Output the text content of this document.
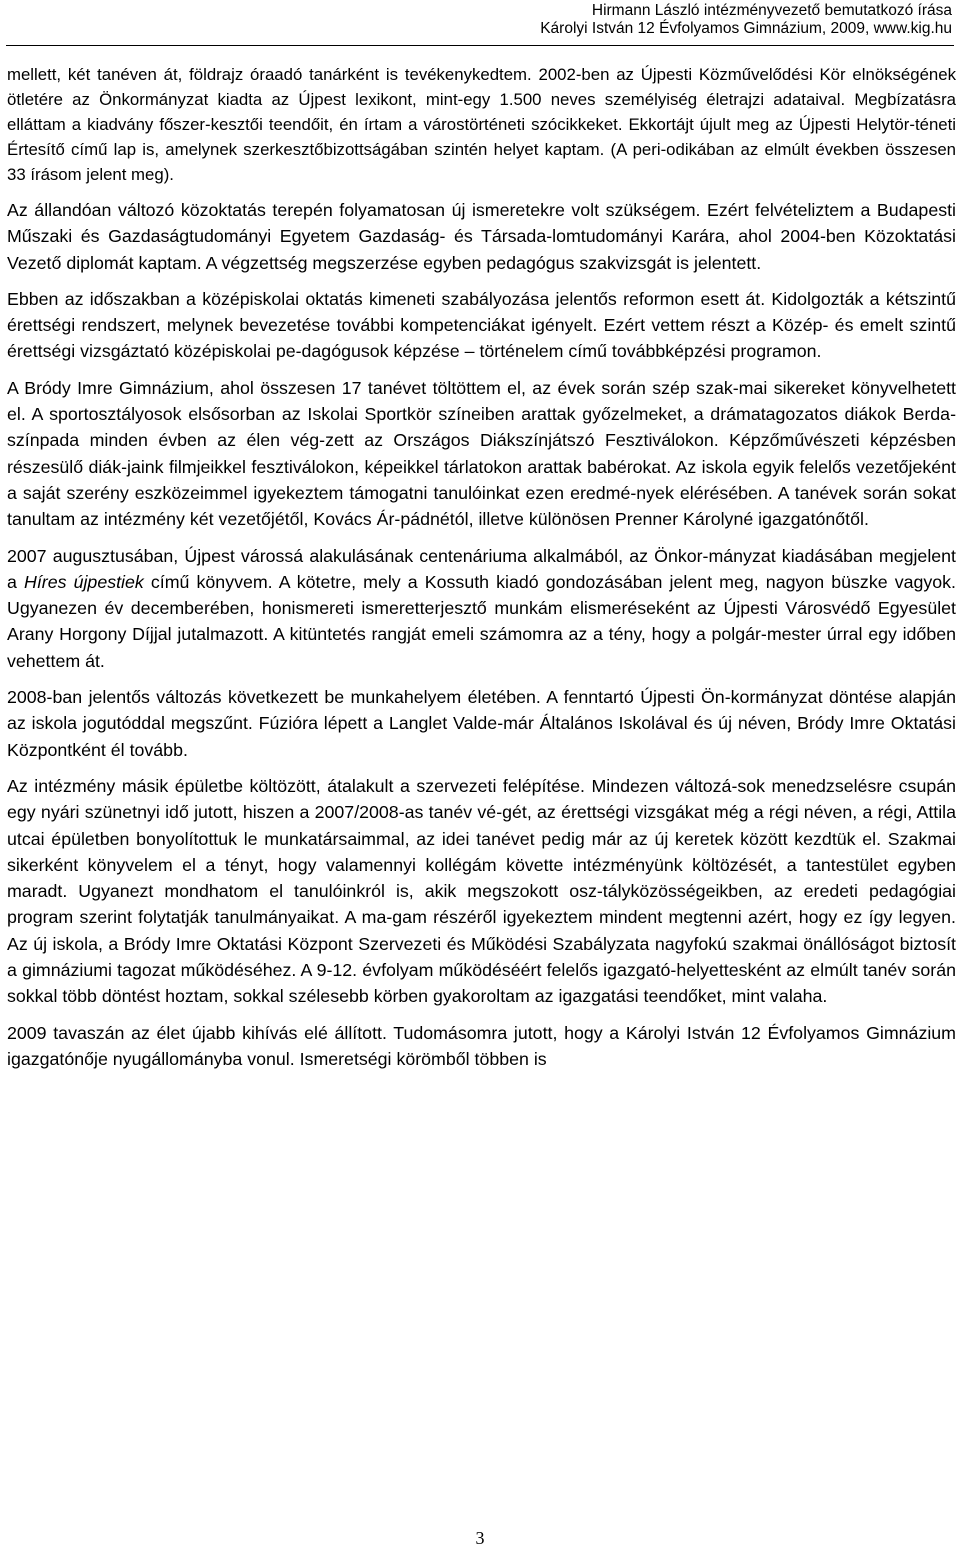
Hirmann László intézményvezető bemutatkozó írása
Károlyi István 12 Évfolyamos Gimnázium, 2009, www.kig.hu

mellett, két tanéven át, földrajz óraadó tanárként is tevékenykedtem. 2002-ben az Újpesti Közművelődési Kör elnökségének ötletére az Önkormányzat kiadta az Újpest lexikont, mint-egy 1.500 neves személyiség életrajzi adataival. Megbízatásra elláttam a kiadvány főszer-kesztői teendőit, én írtam a várostörténeti szócikkeket. Ekkortájt újult meg az Újpesti Helytör-téneti Értesítő című lap is, amelynek szerkesztőbizottságában szintén helyet kaptam. (A peri-odikában az elmúlt években összesen 33 írásom jelent meg).

Az állandóan változó közoktatás terepén folyamatosan új ismeretekre volt szükségem. Ezért felvételiztem a Budapesti Műszaki és Gazdaságtudományi Egyetem Gazdaság- és Társada-lomtudományi Karára, ahol 2004-ben Közoktatási Vezető diplomát kaptam. A végzettség megszerzése egyben pedagógus szakvizsgát is jelentett.

Ebben az időszakban a középiskolai oktatás kimeneti szabályozása jelentős reformon esett át. Kidolgozták a kétszintű érettségi rendszert, melynek bevezetése további kompetenciákat igényelt. Ezért vettem részt a Közép- és emelt szintű érettségi vizsgáztató középiskolai pe-dagógusok képzése – történelem című továbbképzési programon.

A Bródy Imre Gimnázium, ahol összesen 17 tanévet töltöttem el, az évek során szép szak-mai sikereket könyvelhetett el. A sportosztályosok elsősorban az Iskolai Sportkör színeiben arattak győzelmeket, a drámatagozatos diákok Berda-színpada minden évben az élen vég-zett az Országos Diákszínjátszó Fesztiválokon. Képzőművészeti képzésben részesülő diák-jaink filmjeikkel fesztiválokon, képeikkel tárlatokon arattak babérokat. Az iskola egyik felelős vezetőjeként a saját szerény eszközeimmel igyekeztem támogatni tanulóinkat ezen eredmé-nyek elérésében. A tanévek során sokat tanultam az intézmény két vezetőjétől, Kovács Ár-pádnétól, illetve különösen Prenner Károlyné igazgatónőtől.

2007 augusztusában, Újpest várossá alakulásának centenáriuma alkalmából, az Önkor-mányzat kiadásában megjelent a Híres újpestiek című könyvem. A kötetre, mely a Kossuth kiadó gondozásában jelent meg, nagyon büszke vagyok. Ugyanezen év decemberében, honismereti ismeretterjesztő munkám elismeréseként az Újpesti Városvédő Egyesület Arany Horgony Díjjal jutalmazott. A kitüntetés rangját emeli számomra az a tény, hogy a polgár-mester úrral egy időben vehettem át.

2008-ban jelentős változás következett be munkahelyem életében. A fenntartó Újpesti Ön-kormányzat döntése alapján az iskola jogutóddal megszűnt. Fúzióra lépett a Langlet Valde-már Általános Iskolával és új néven, Bródy Imre Oktatási Központként él tovább.

Az intézmény másik épületbe költözött, átalakult a szervezeti felépítése. Mindezen változá-sok menedzselésre csupán egy nyári szünetnyi idő jutott, hiszen a 2007/2008-as tanév vé-gét, az érettségi vizsgákat még a régi néven, a régi, Attila utcai épületben bonyolítottuk le munkatársaimmal, az idei tanévet pedig már az új keretek között kezdtük el. Szakmai sikerként könyvelem el a tényt, hogy valamennyi kollégám követte intézményünk költözését, a tantestület egyben maradt. Ugyanezt mondhatom el tanulóinkról is, akik megszokott osz-tályközösségeikben, az eredeti pedagógiai program szerint folytatják tanulmányaikat. A ma-gam részéről igyekeztem mindent megtenni azért, hogy ez így legyen. Az új iskola, a Bródy Imre Oktatási Központ Szervezeti és Működési Szabályzata nagyfokú szakmai önállóságot biztosít a gimnáziumi tagozat működéséhez. A 9-12. évfolyam működéséért felelős igazgató-helyettesként az elmúlt tanév során sokkal több döntést hoztam, sokkal szélesebb körben gyakoroltam az igazgatási teendőket, mint valaha.

2009 tavaszán az élet újabb kihívás elé állított. Tudomásomra jutott, hogy a Károlyi István 12 Évfolyamos Gimnázium igazgatónője nyugállományba vonul. Ismeretségi körömből többen is

3
